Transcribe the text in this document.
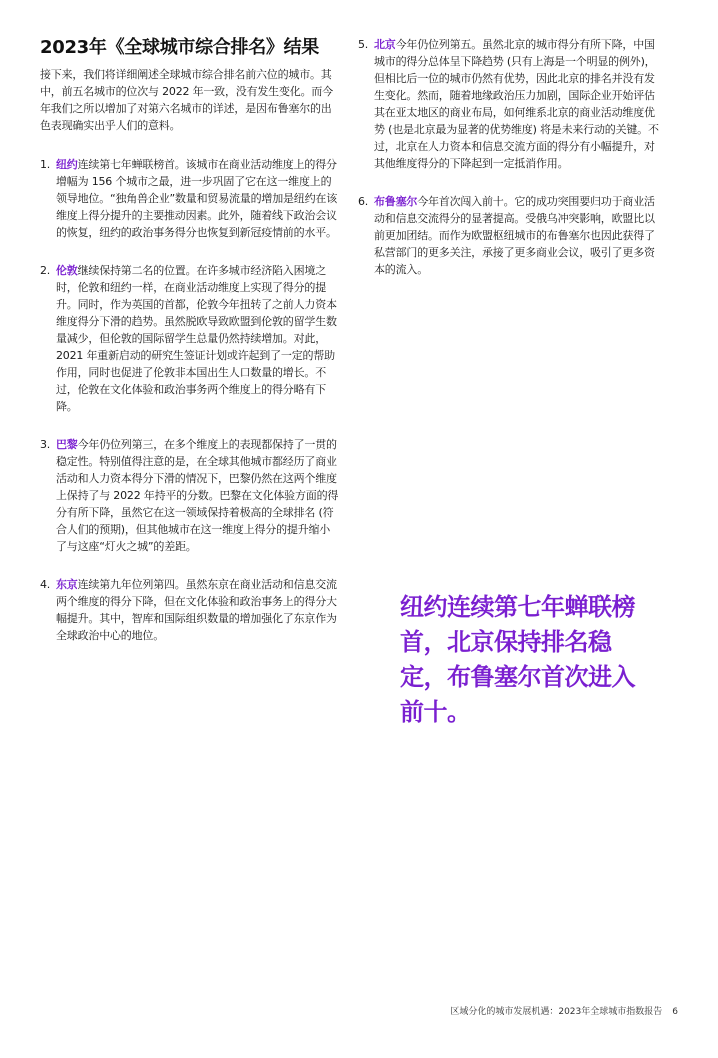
2023年《全球城市综合排名》结果

接下来，我们将详细阐述全球城市综合排名前六位的城市。其中，前五名城市的位次与 2022 年一致，没有发生变化。而今年我们之所以增加了对第六名城市的详述，是因布鲁塞尔的出色表现确实出乎人们的意料。

1. 纽约连续第七年蝉联榜首。该城市在商业活动维度上的得分增幅为 156 个城市之最，进一步巩固了它在这一维度上的领导地位。“独角兽企业”数量和贸易流量的增加是纽约在该维度上得分提升的主要推动因素。此外，随着线下政治会议的恢复，纽约的政治事务得分也恢复到新冠疫情前的水平。
2. 伦敦继续保持第二名的位置。在许多城市经济陷入困境之时，伦敦和纽约一样，在商业活动维度上实现了得分的提升。同时，作为英国的首都，伦敦今年扭转了之前人力资本维度得分下滑的趋势。虽然脱欧导致欧盟到伦敦的留学生数量减少，但伦敦的国际留学生总量仍然持续增加。对此，2021 年重新启动的研究生签证计划或许起到了一定的帮助作用，同时也促进了伦敦非本国出生人口数量的增长。不过，伦敦在文化体验和政治事务两个维度上的得分略有下降。
3. 巴黎今年仍位列第三，在多个维度上的表现都保持了一贯的稳定性。特别值得注意的是，在全球其他城市都经历了商业活动和人力资本得分下滑的情况下，巴黎仍然在这两个维度上保持了与 2022 年持平的分数。巴黎在文化体验方面的得分有所下降，虽然它在这一领域保持着极高的全球排名 (符合人们的预期)，但其他城市在这一维度上得分的提升缩小了与这座“灯火之城”的差距。
4. 东京连续第九年位列第四。虽然东京在商业活动和信息交流两个维度的得分下降，但在文化体验和政治事务上的得分大幅提升。其中，智库和国际组织数量的增加强化了东京作为全球政治中心的地位。
5. 北京今年仍位列第五。虽然北京的城市得分有所下降，中国城市的得分总体呈下降趋势 (只有上海是一个明显的例外)，但相比后一位的城市仍然有优势，因此北京的排名并没有发生变化。然而，随着地缘政治压力加剧，国际企业开始评估其在亚太地区的商业布局，如何维系北京的商业活动维度优势 (也是北京最为显著的优势维度) 将是未来行动的关键。不过，北京在人力资本和信息交流方面的得分有小幅提升，对其他维度得分的下降起到一定抵消作用。
6. 布鲁塞尔今年首次闯入前十。它的成功突围要归功于商业活动和信息交流得分的显著提高。受俄乌冲突影响，欧盟比以前更加团结。而作为欧盟枢纽城市的布鲁塞尔也因此获得了私营部门的更多关注，承接了更多商业会议，吸引了更多资本的流入。
纽约连续第七年蝉联榜首，北京保持排名稳定，布鲁塞尔首次进入前十。
区域分化的城市发展机遇：2023年全球城市指数报告 6
